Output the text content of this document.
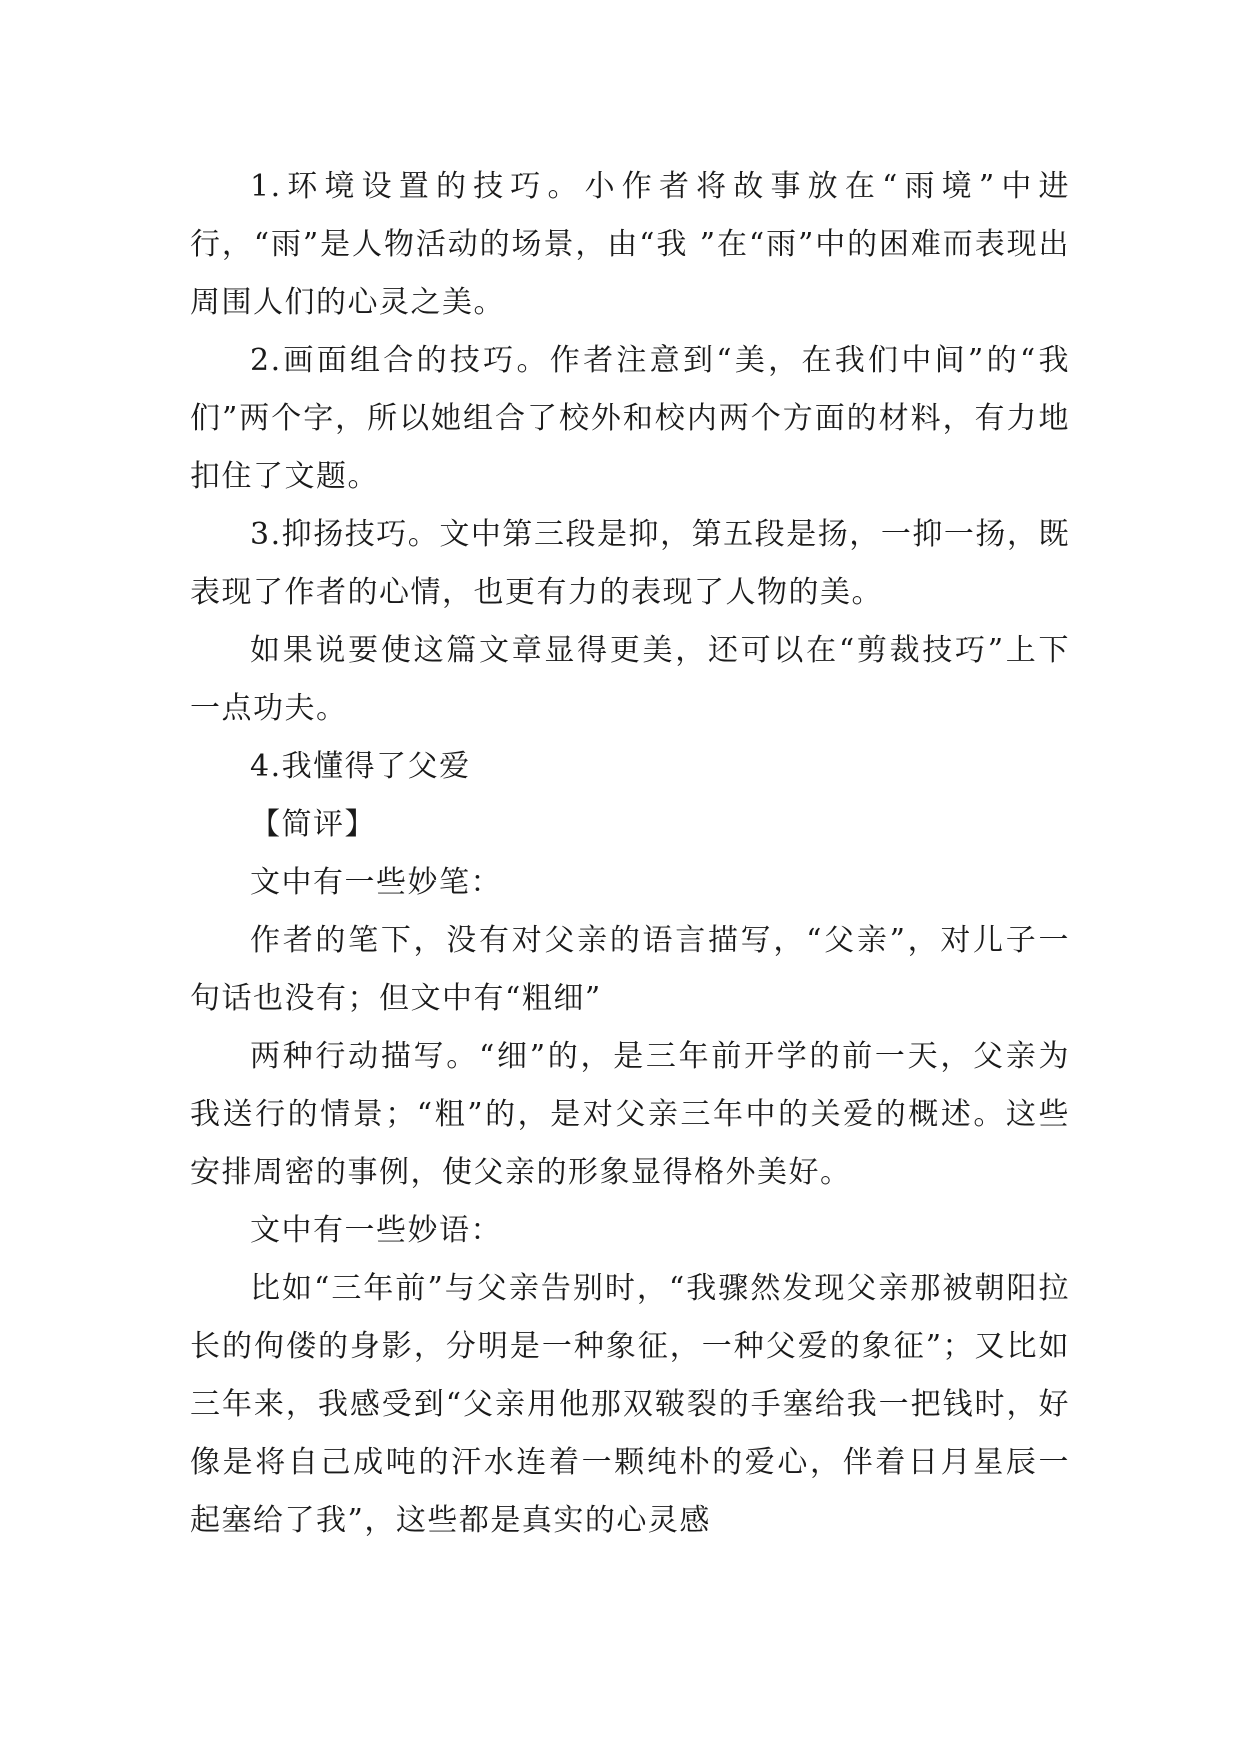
1.环境设置的技巧。小作者将故事放在“雨境”中进行，“雨”是人物活动的场景，由“我 ”在“雨”中的困难而表现出周围人们的心灵之美。

2.画面组合的技巧。作者注意到“美，在我们中间”的“我们”两个字，所以她组合了校外和校内两个方面的材料，有力地扣住了文题。

3.抑扬技巧。文中第三段是抑，第五段是扬，一抑一扬，既表现了作者的心情，也更有力的表现了人物的美。

如果说要使这篇文章显得更美，还可以在“剪裁技巧”上下一点功夫。

4.我懂得了父爱

【简评】

文中有一些妙笔：

作者的笔下，没有对父亲的语言描写，“父亲”，对儿子一句话也没有；但文中有“粗细”

两种行动描写。“细”的，是三年前开学的前一天，父亲为我送行的情景；“粗”的，是对父亲三年中的关爱的概述。这些安排周密的事例，使父亲的形象显得格外美好。

文中有一些妙语：

比如“三年前”与父亲告别时，“我骤然发现父亲那被朝阳拉长的佝偻的身影，分明是一种象征，一种父爱的象征”；又比如三年来，我感受到“父亲用他那双皲裂的手塞给我一把钱时，好像是将自己成吨的汗水连着一颗纯朴的爱心，伴着日月星辰一起塞给了我”，这些都是真实的心灵感
